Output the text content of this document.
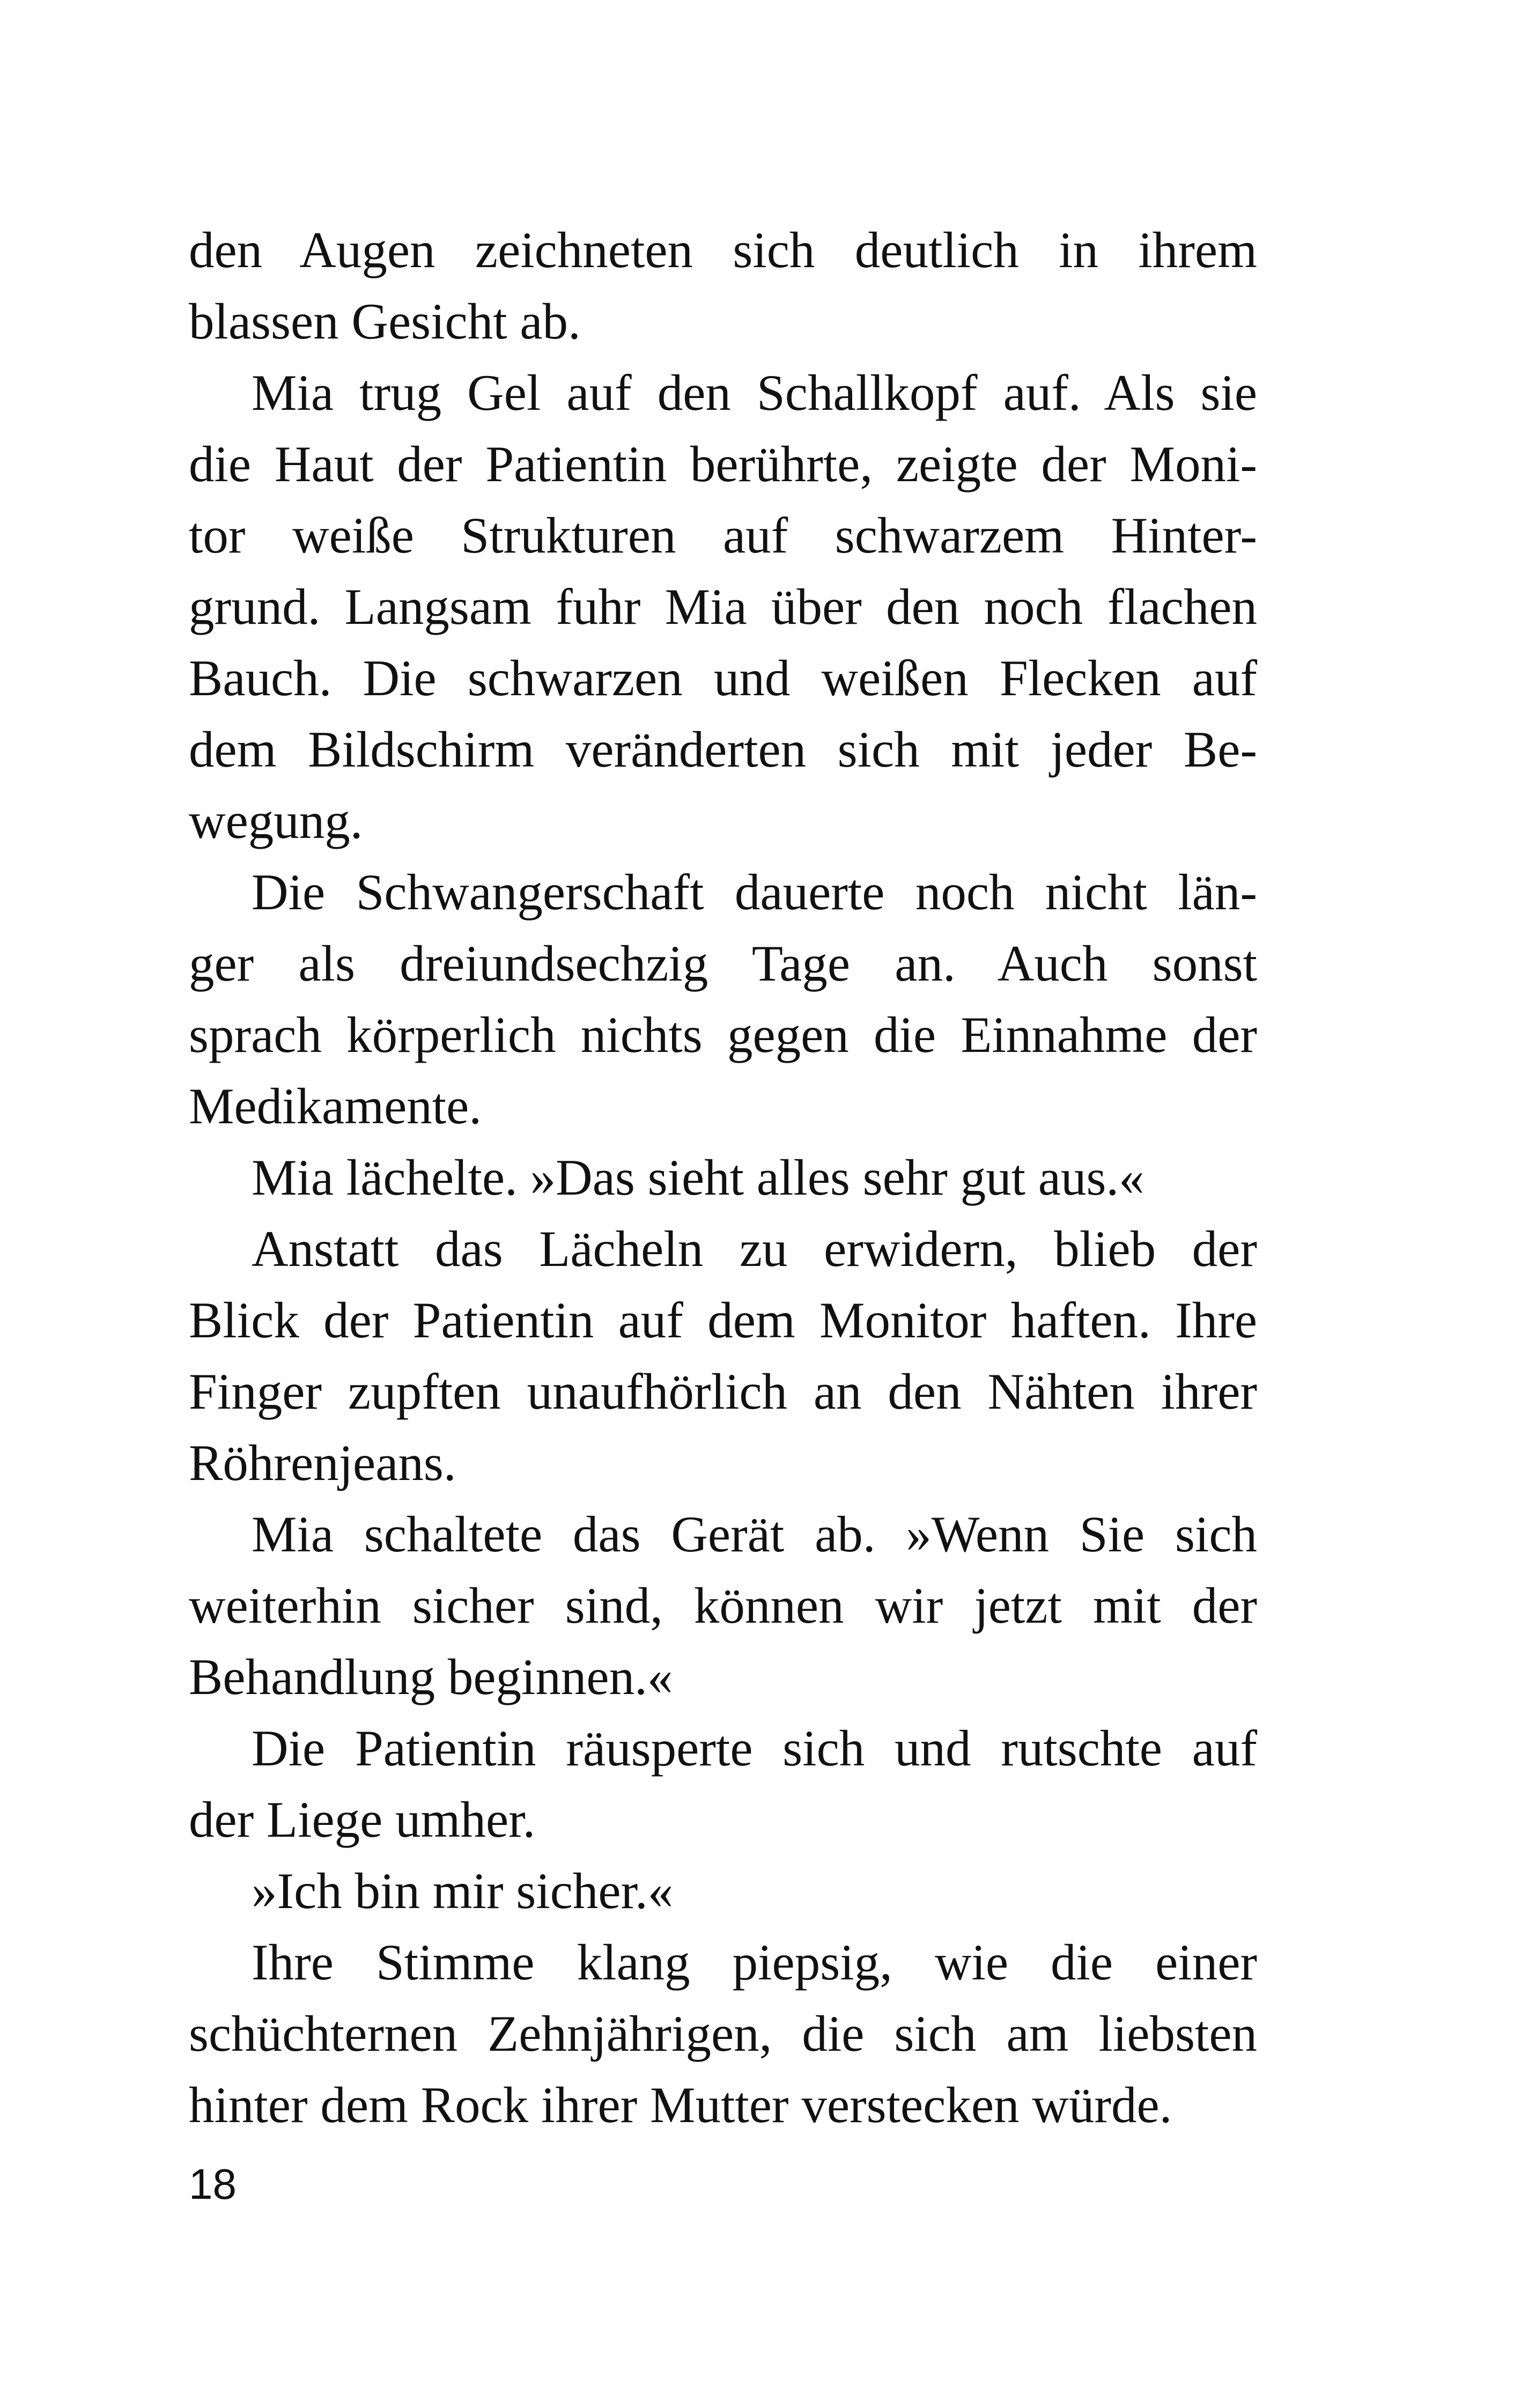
den Augen zeichneten sich deutlich in ihrem
blassen Gesicht ab.
Mia trug Gel auf den Schallkopf auf. Als sie
die Haut der Patientin berührte, zeigte der Moni-
tor weiße Strukturen auf schwarzem Hinter-
grund. Langsam fuhr Mia über den noch flachen
Bauch. Die schwarzen und weißen Flecken auf
dem Bildschirm veränderten sich mit jeder Be-
wegung.
Die Schwangerschaft dauerte noch nicht län-
ger als dreiundsechzig Tage an. Auch sonst
sprach körperlich nichts gegen die Einnahme der
Medikamente.
Mia lächelte. »Das sieht alles sehr gut aus.«
Anstatt das Lächeln zu erwidern, blieb der
Blick der Patientin auf dem Monitor haften. Ihre
Finger zupften unaufhörlich an den Nähten ihrer
Röhrenjeans.
Mia schaltete das Gerät ab. »Wenn Sie sich
weiterhin sicher sind, können wir jetzt mit der
Behandlung beginnen.«
Die Patientin räusperte sich und rutschte auf
der Liege umher.
»Ich bin mir sicher.«
Ihre Stimme klang piepsig, wie die einer
schüchternen Zehnjährigen, die sich am liebsten
hinter dem Rock ihrer Mutter verstecken würde.
18
